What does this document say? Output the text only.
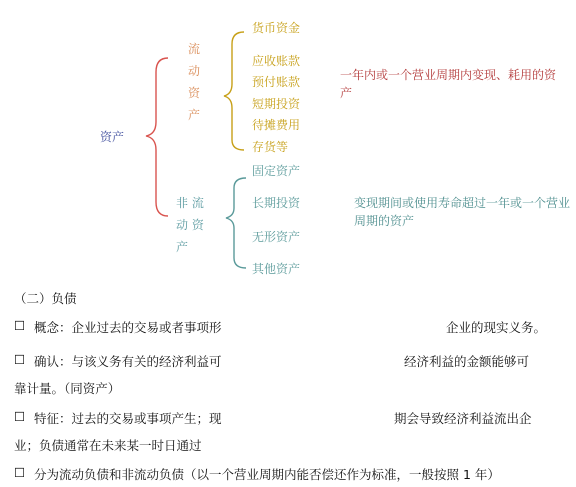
资产
流
动
资
产
非 流
动 资
产
货币资金
应收账款
预付账款
短期投资
待摊费用
存货等
固定资产
长期投资
无形资产
其他资产
一年内或一个营业周期内变现、耗用的资产
变现期间或使用寿命超过一年或一个营业周期的资产
（二）负债
☐ 概念：企业过去的交易或者事项形	企业的现实义务。
☐ 确认：与该义务有关的经济利益可	经济利益的金额能够可
靠计量。（同资产）
☐ 特征：过去的交易或事项产生；现	期会导致经济利益流出企
业；负债通常在未来某一时日通过
☐ 分为流动负债和非流动负债（以一个营业周期内能否偿还作为标准，一般按照 1 年）
